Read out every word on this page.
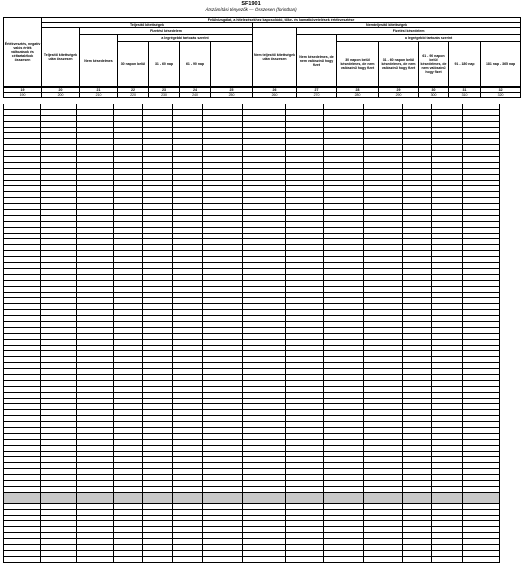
SF1901
Átszámítási tényezők — Összesen (forintban)
Értékvesztés, negatív valós érték változások és céltartalékok összesen	Felülvizsgálat, a hitelezésekhez kapcsolódó, tőke- és kamatkövetelések értékvesztése												
	Teljesítő kitettségek						Nemteljesítő kitettségek						
	Teljesítő kitettségek után összesen	Fizetési késedelem					Nem teljesítő kitettségek után összesen	Fizetési késedelem					
		Nem késedelmes	a legrégebbi tartozás szerint					Nem késedelmes, de nem valószínű hogy fizet	a legrégebbi tartozás szerint				
			30 napon belül	31 - 60 nap	61 - 90 nap				30 napon belül késedelmes, de nem valószínű hogy fizet	31 - 60 napon belül késedelmes, de nem valószínű hogy fizet	61 - 90 napon belül késedelmes, de nem valószínű hogy fizet	91 - 180 nap	181 nap - 365 nap
19	20	21	22	23	24	25	26	27	28	29	30	31	32
190	200	210	220	230	240	250	260	270	280	290	300	310	320
